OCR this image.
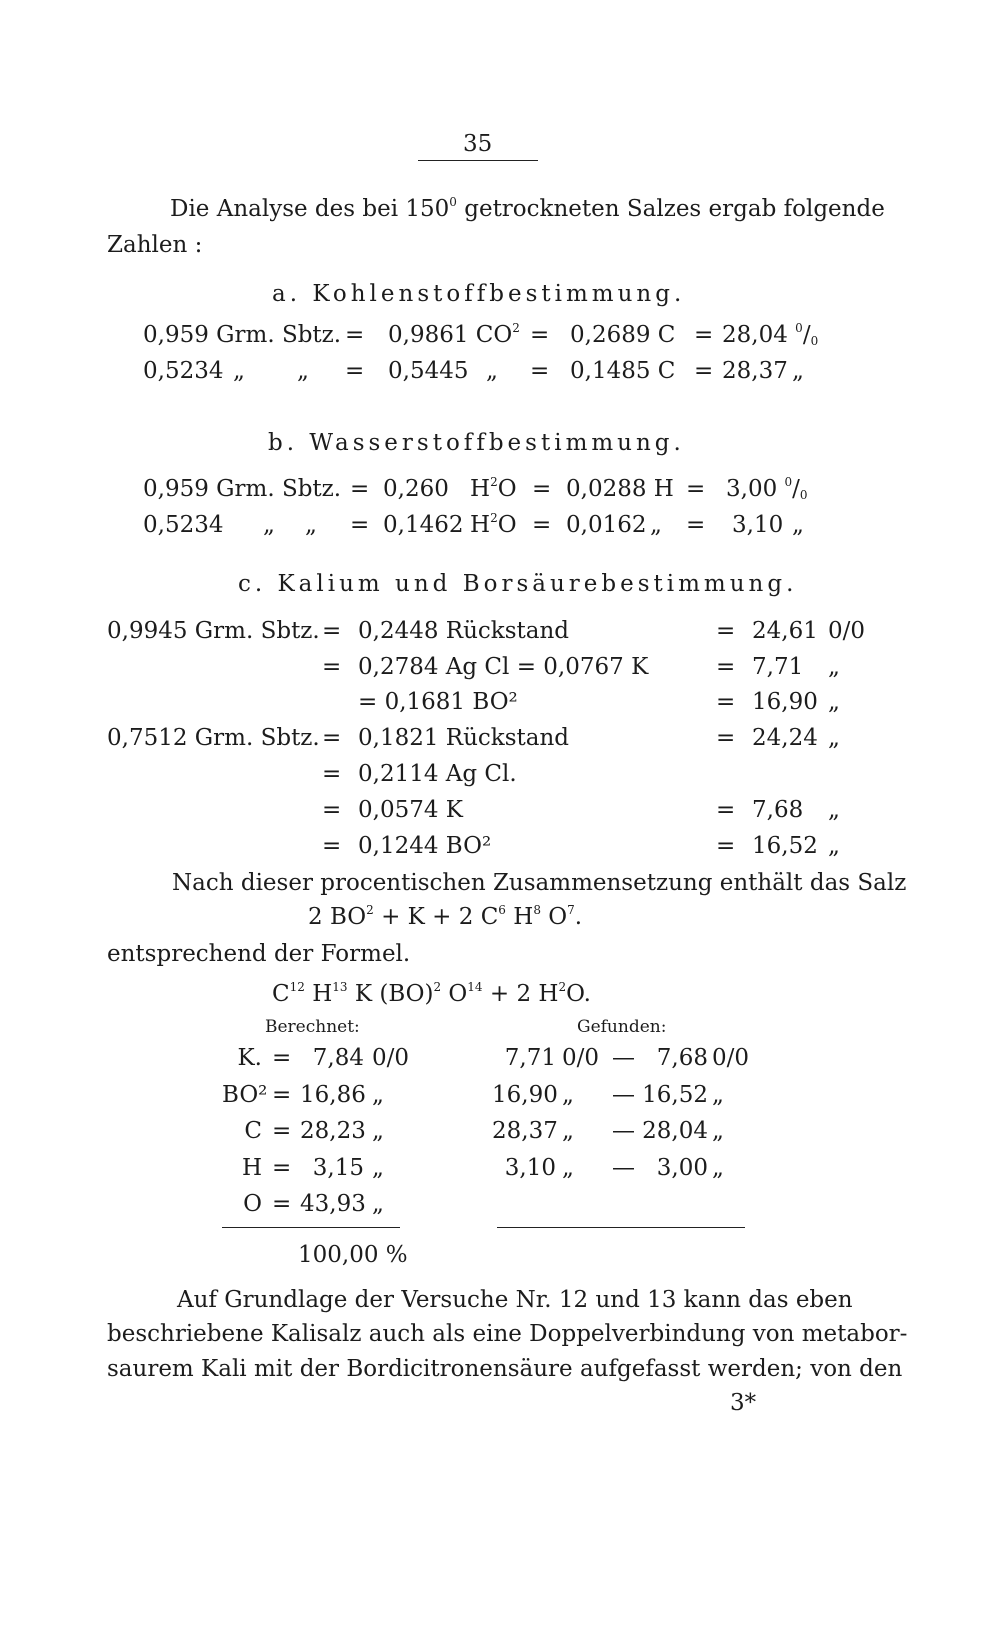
35
Die Analyse des bei $150^0$ getrockneten Salzes ergab folgende
Zahlen :
a. Kohlenstoffbestimmung.
0,959 Grm. Sbtz. = 0,9861 $CO^2 = 0,2689$ C = 28,04 $^0/_0$
0,5234 „ „ = 0,5445 „ = 0,1485 C = 28,37 „
b. Wasserstoffbestimmung.
0,959 Grm. Sbtz. = 0,260 $H^2O = 0,0288$ H = 3,00 $^0/_0$
0,5234 „ „ = 0,1462 $H^2O = 0,0162$ „ = 3,10 „
c. Kalium und Borsäurebestimmung.
0,9945 Grm. Sbtz. = 0,2448 Rückstand	= 24,61 0/0
= 0,2784 Ag Cl = 0,0767 K	= 7,71 „
= 0,1681 BO²	= 16,90 „
0,7512 Grm. Sbtz. = 0,1821 Rückstand	= 24,24 „
= 0,2114 Ag Cl.
= 0,0574 K	= 7,68 „
= 0,1244 BO²	= 16,52 „
Nach dieser procentischen Zusammensetzung enthält das Salz
2 $BO^2 + K + 2$ $C^6$ $H^8$ $O^7$.
entsprechend der Formel.
$C^{12}$ $H^{13}$ K (BO)$^2$ $O^{14} + 2$ $H^2O$.
Berechnet:	Gefunden:
K. = 7,84 0/0	7,71 0/0 — 7,68 0/0
BO² = 16,86 „	16,90 „ — 16,52 „
C = 28,23 „	28,37 „ — 28,04 „
H = 3,15 „	3,10 „ — 3,00 „
O = 43,93 „
100,00 %
Auf Grundlage der Versuche Nr. 12 und 13 kann das eben
beschriebene Kalisalz auch als eine Doppelverbindung von metabor-
saurem Kali mit der Bordicitronensäure aufgefasst werden; von den
3*
